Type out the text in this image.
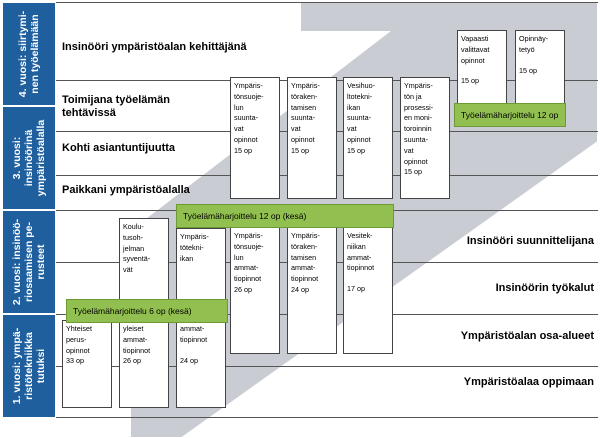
4. vuosi: siirtymi-
nen työelämään
3. vuosi:
insinöörinä
ympäristöalalla
2. vuosi: insinöö-
riosaamisen pe-
rusteet
1. vuosi: ympä-
ristötekniikka
tutuksi
Insinööri ympäristöalan kehittäjänä
Toimijana työelämän
tehtävissä
Kohti asiantuntijuutta
Paikkani ympäristöalalla
Insinööri suunnittelijana
Insinöörin työkalut
Ympäristöalan osa-alueet
Ympäristöalaa oppimaan
Ympäris-
tönsuoje-
lun
suunta-
vat
opinnot
15 op
Ympäris-
töraken-
tamisen
suunta-
vat
opinnot
15 op
Vesihuo-
ltotekni-
ikan
suunta-
vat
opinnot
15 op
Ympäris-
tön ja
prosessi-
en moni-
toroinnin
suunta-
vat
opinnot
15 op
Vapaasti
valittavat
opinnot
15 op
Opinnäy-
tetyö
15 op
Koulu-
tusoh-
jelman
syventä-
vät
Ympäris-
tötekni-
ikan
Ympäris-
tönsuoje-
lun
ammat-
tiopinnot
26 op
Ympäris-
töraken-
tamisen
ammat-
tiopinnot
24 op
Vesitek-
niikan
ammat-
tiopinnot
17 op
Yhteiset
perus-
opinnot
33 op
yleiset
ammat-
tiopinnot
26 op
ammat-
tiopinnot
24 op
Työelämäharjoittelu 12 op
Työelämäharjoittelu 12 op (kesä)
Työelämäharjoittelu 6 op (kesä)
